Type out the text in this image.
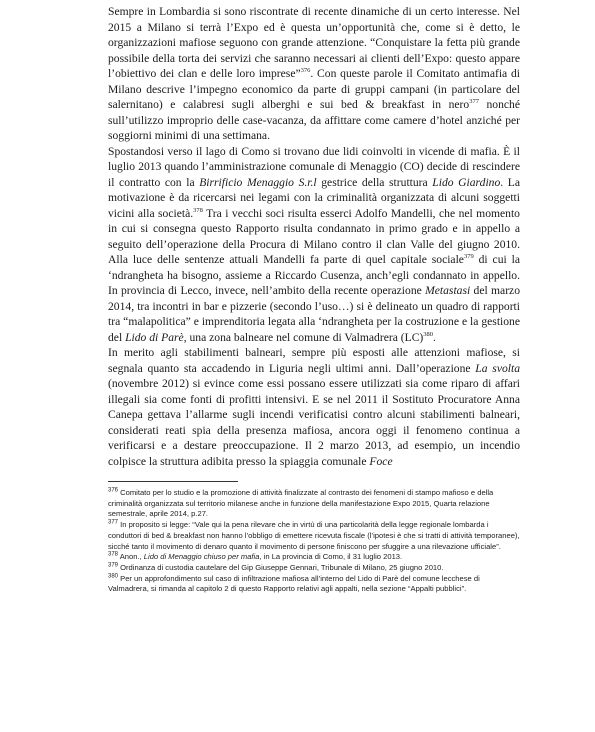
Sempre in Lombardia si sono riscontrate di recente dinamiche di un certo interesse. Nel 2015 a Milano si terrà l’Expo ed è questa un’opportunità che, come si è detto, le organizzazioni mafiose seguono con grande attenzione. “Conquistare la fetta più grande possibile della torta dei servizi che saranno necessari ai clienti dell’Expo: questo appare l’obiettivo dei clan e delle loro imprese”$^{376}$. Con queste parole il Comitato antimafia di Milano descrive l’impegno economico da parte di gruppi campani (in particolare del salernitano) e calabresi sugli alberghi e sui bed & breakfast in nero$^{377}$ nonché sull’utilizzo improprio delle case-vacanza, da affittare come camere d’hotel anziché per soggiorni minimi di una settimana.

Spostandosi verso il lago di Como si trovano due lidi coinvolti in vicende di mafia. È il luglio 2013 quando l’amministrazione comunale di Menaggio (CO) decide di rescindere il contratto con la Birrificio Menaggio S.r.l gestrice della struttura Lido Giardino. La motivazione è da ricercarsi nei legami con la criminalità organizzata di alcuni soggetti vicini alla società.$^{378}$ Tra i vecchi soci risulta esserci Adolfo Mandelli, che nel momento in cui si consegna questo Rapporto risulta condannato in primo grado e in appello a seguito dell’operazione della Procura di Milano contro il clan Valle del giugno 2010. Alla luce delle sentenze attuali Mandelli fa parte di quel capitale sociale$^{379}$ di cui la ‘ndrangheta ha bisogno, assieme a Riccardo Cusenza, anch’egli condannato in appello. In provincia di Lecco, invece, nell’ambito della recente operazione Metastasi del marzo 2014, tra incontri in bar e pizzerie (secondo l’uso…) si è delineato un quadro di rapporti tra “malapolitica” e imprenditoria legata alla ‘ndrangheta per la costruzione e la gestione del Lido di Parè, una zona balneare nel comune di Valmadrera (LC)$^{380}$.

In merito agli stabilimenti balneari, sempre più esposti alle attenzioni mafiose, si segnala quanto sta accadendo in Liguria negli ultimi anni. Dall’operazione La svolta (novembre 2012) si evince come essi possano essere utilizzati sia come riparo di affari illegali sia come fonti di profitti intensivi. E se nel 2011 il Sostituto Procuratore Anna Canepa gettava l’allarme sugli incendi verificatisi contro alcuni stabilimenti balneari, considerati reati spia della presenza mafiosa, ancora oggi il fenomeno continua a verificarsi e a destare preoccupazione. Il 2 marzo 2013, ad esempio, un incendio colpisce la struttura adibita presso la spiaggia comunale Foce

$^{376}$ Comitato per lo studio e la promozione di attività finalizzate al contrasto dei fenomeni di stampo mafioso e della criminalità organizzata sul territorio milanese anche in funzione della manifestazione Expo 2015, Quarta relazione semestrale, aprile 2014, p.27.

$^{377}$ In proposito si legge: “Vale qui la pena rilevare che in virtù di una particolarità della legge regionale lombarda i conduttori di bed & breakfast non hanno l’obbligo di emettere ricevuta fiscale (l’ipotesi è che si tratti di attività temporanee), sicché tanto il movimento di denaro quanto il movimento di persone finiscono per sfuggire a una rilevazione ufficiale”.

$^{378}$ Anon., Lido di Menaggio chiuso per mafia, in La provincia di Como, il 31 luglio 2013.

$^{379}$ Ordinanza di custodia cautelare del Gip Giuseppe Gennari, Tribunale di Milano, 25 giugno 2010.

$^{380}$ Per un approfondimento sul caso di infiltrazione mafiosa all’interno del Lido di Parè del comune lecchese di Valmadrera, si rimanda al capitolo 2 di questo Rapporto relativi agli appalti, nella sezione “Appalti pubblici”.
